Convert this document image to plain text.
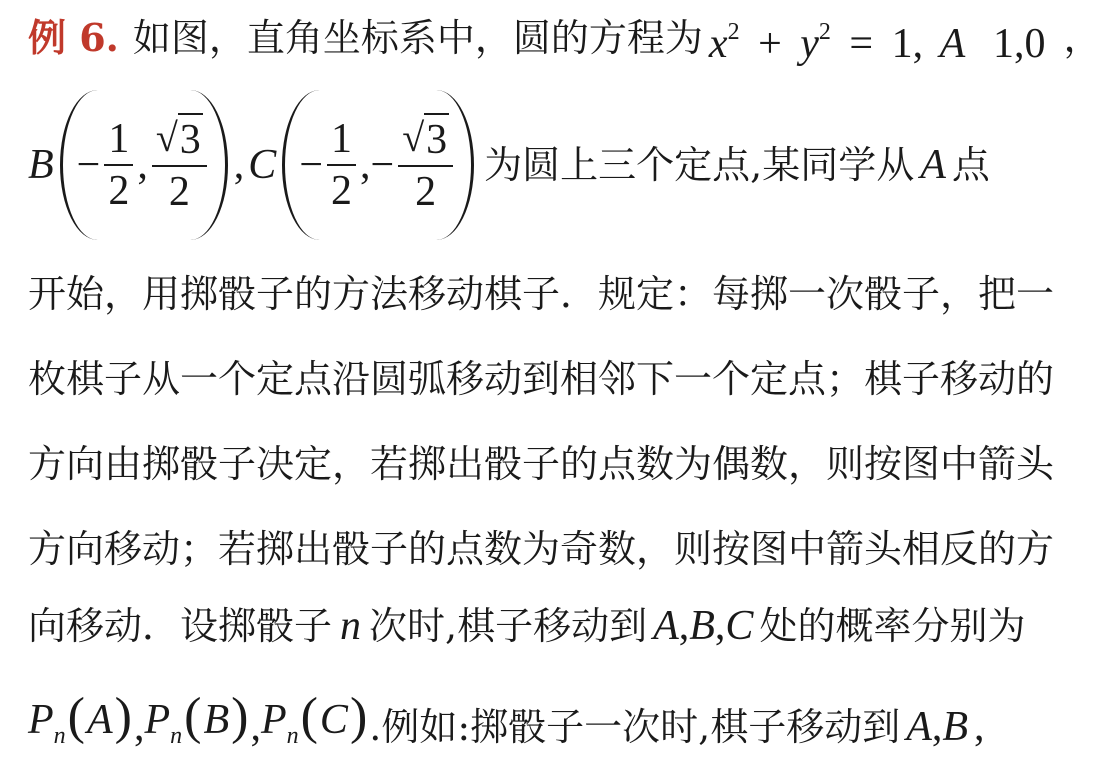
例 6. 如图，直角坐标系中，圆的方程为 $x^2 + y^2 = 1$, A 1,0 ，
$B - \frac{1}{2}$ , $\frac{√ 3}{2}$ , $C - \frac{1}{2}$ , − $\frac{√ 3}{2}$ 为圆上三个定点,某同学从 A 点
开始，用掷骰子的方法移动棋子．规定：每掷一次骰子，把一
枚棋子从一个定点沿圆弧移动到相邻下一个定点；棋子移动的
方向由掷骰子决定，若掷出骰子的点数为偶数，则按图中箭头
方向移动；若掷出骰子的点数为奇数，则按图中箭头相反的方
向移动．设掷骰子 n 次时,棋子移动到 A,B,C 处的概率分别为
$P_n(A)$ , $P_n(B)$ , $P_n(C)$ .例如:掷骰子一次时,棋子移动到 A,B ,
